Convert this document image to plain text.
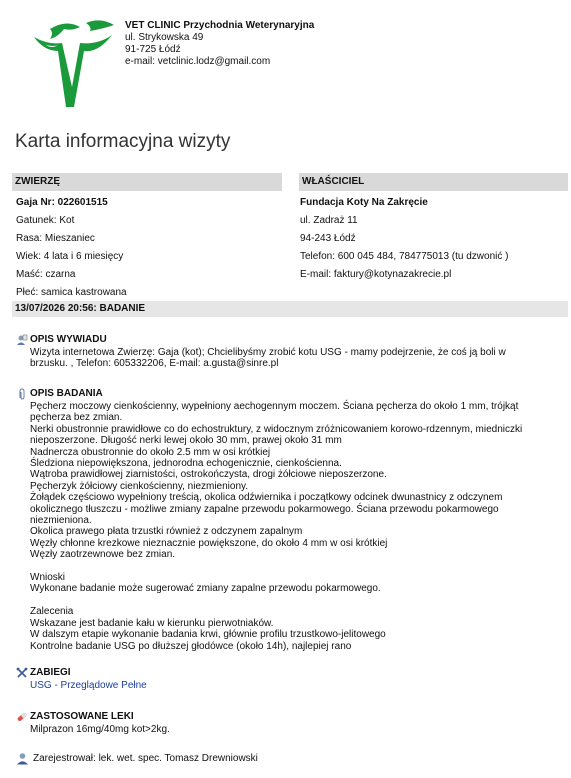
VET CLINIC Przychodnia Weterynaryjna
ul. Strykowska 49
91-725 Łódź
e-mail: vetclinic.lodz@gmail.com
Karta informacyjna wizyty
ZWIERZĘ	WŁAŚCICIEL
Gaja Nr: 022601515
Gatunek: Kot
Rasa: Mieszaniec
Wiek: 4 lata i 6 miesięcy
Maść: czarna
Płeć: samica kastrowana
Fundacja Koty Na Zakręcie
ul. Zadraż 11
94-243 Łódź
Telefon: 600 045 484, 784775013 (tu dzwonić )
E-mail: faktury@kotynazakrecie.pl
13/07/2026 20:56: BADANIE
OPIS WYWIADU
Wizyta internetowa Zwierzę: Gaja (kot); Chcielibyśmy zrobić kotu USG - mamy podejrzenie, że coś ją boli w
brzusku. , Telefon: 605332206, E-mail: a.gusta@sinre.pl
OPIS BADANIA
Pęcherz moczowy cienkościenny, wypełniony aechogennym moczem. Ściana pęcherza do około 1 mm, trójkąt
pęcherza bez zmian.
Nerki obustronnie prawidłowe co do echostruktury, z widocznym zróżnicowaniem korowo-rdzennym, miedniczki
nieposzerzone. Długość nerki lewej około 30 mm, prawej około 31 mm
Nadnercza obustronnie do około 2.5 mm w osi krótkiej
Śledziona niepowiększona, jednorodna echogenicznie, cienkościenna.
Wątroba prawidłowej ziarnistości, ostrokończysta, drogi żółciowe nieposzerzone.
Pęcherzyk żółciowy cienkościenny, niezmieniony.
Żołądek częściowo wypełniony treścią, okolica odźwiernika i początkowy odcinek dwunastnicy z odczynem
okolicznego tłuszczu - możliwe zmiany zapalne przewodu pokarmowego. Ściana przewodu pokarmowego
niezmieniona.
Okolica prawego płata trzustki również z odczynem zapalnym
Węzły chłonne krezkowe nieznacznie powiększone, do około 4 mm w osi krótkiej
Węzły zaotrzewnowe bez zmian.
Wnioski
Wykonane badanie może sugerować zmiany zapalne przewodu pokarmowego.
Zalecenia
Wskazane jest badanie kału w kierunku pierwotniaków.
W dalszym etapie wykonanie badania krwi, głównie profilu trzustkowo-jelitowego
Kontrolne badanie USG po dłuższej głodówce (około 14h), najlepiej rano
ZABIEGI
USG - Przeglądowe Pełne
ZASTOSOWANE LEKI
Milprazon 16mg/40mg kot>2kg.
Zarejestrował: lek. wet. spec. Tomasz Drewniowski
